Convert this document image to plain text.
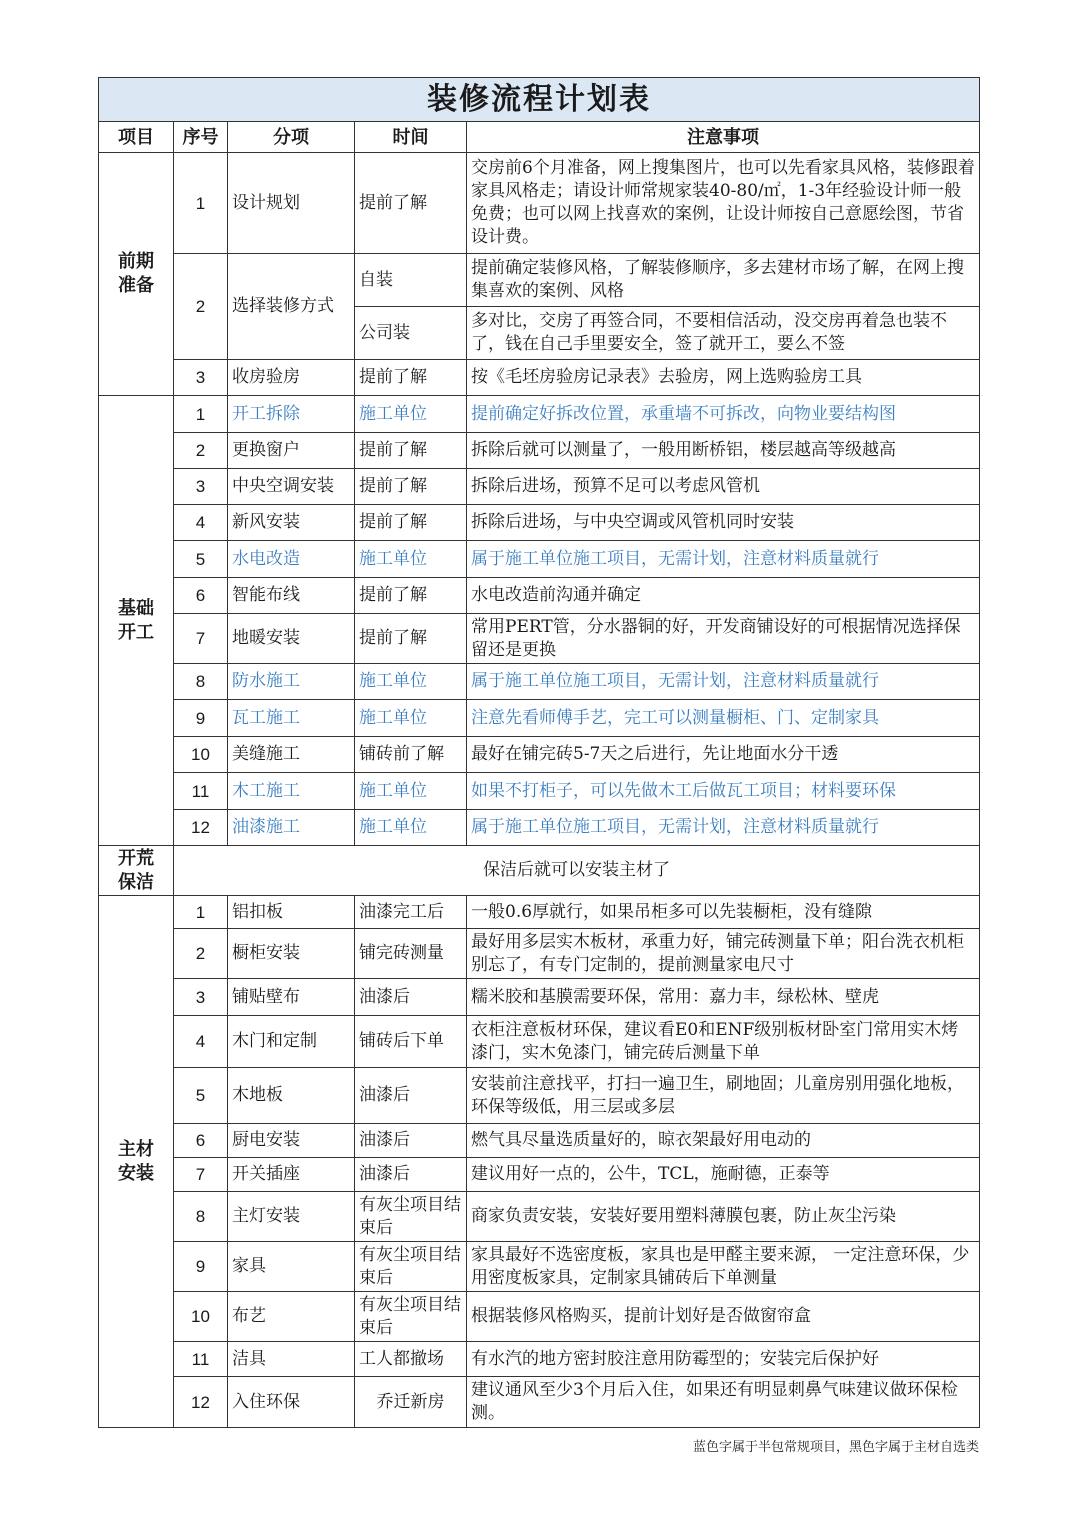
装修流程计划表				
项目	序号	分项	时间	注意事项
前期准备	1	设计规划	提前了解	交房前6个月准备，网上搜集图片，也可以先看家具风格，装修跟着家具风格走；请设计师常规家装40-80/㎡，1-3年经验设计师一般免费；也可以网上找喜欢的案例，让设计师按自己意愿绘图，节省设计费。
	2	选择装修方式	自装	提前确定装修风格，了解装修顺序，多去建材市场了解，在网上搜集喜欢的案例、风格
			公司装	多对比，交房了再签合同，不要相信活动，没交房再着急也装不了，钱在自己手里要安全，签了就开工，要么不签
	3	收房验房	提前了解	按《毛坯房验房记录表》去验房，网上选购验房工具
基础开工	1	开工拆除	施工单位	提前确定好拆改位置，承重墙不可拆改，向物业要结构图
	2	更换窗户	提前了解	拆除后就可以测量了，一般用断桥铝，楼层越高等级越高
	3	中央空调安装	提前了解	拆除后进场，预算不足可以考虑风管机
	4	新风安装	提前了解	拆除后进场，与中央空调或风管机同时安装
	5	水电改造	施工单位	属于施工单位施工项目，无需计划，注意材料质量就行
	6	智能布线	提前了解	水电改造前沟通并确定
	7	地暖安装	提前了解	常用PERT管，分水器铜的好，开发商铺设好的可根据情况选择保留还是更换
	8	防水施工	施工单位	属于施工单位施工项目，无需计划，注意材料质量就行
	9	瓦工施工	施工单位	注意先看师傅手艺，完工可以测量橱柜、门、定制家具
	10	美缝施工	铺砖前了解	最好在铺完砖5-7天之后进行，先让地面水分干透
	11	木工施工	施工单位	如果不打柜子，可以先做木工后做瓦工项目；材料要环保
	12	油漆施工	施工单位	属于施工单位施工项目，无需计划，注意材料质量就行
开荒保洁	保洁后就可以安装主材了			
主材安装	1	铝扣板	油漆完工后	一般0.6厚就行，如果吊柜多可以先装橱柜，没有缝隙
	2	橱柜安装	铺完砖测量	最好用多层实木板材，承重力好，铺完砖测量下单；阳台洗衣机柜别忘了，有专门定制的，提前测量家电尺寸
	3	铺贴壁布	油漆后	糯米胶和基膜需要环保，常用：嘉力丰，绿松林、壁虎
	4	木门和定制	铺砖后下单	衣柜注意板材环保，建议看E0和ENF级别板材卧室门常用实木烤漆门，实木免漆门，铺完砖后测量下单
	5	木地板	油漆后	安装前注意找平，打扫一遍卫生，刷地固；儿童房别用强化地板，环保等级低，用三层或多层
	6	厨电安装	油漆后	燃气具尽量选质量好的，晾衣架最好用电动的
	7	开关插座	油漆后	建议用好一点的，公牛，TCL，施耐德，正泰等
	8	主灯安装	有灰尘项目结束后	商家负责安装，安装好要用塑料薄膜包裹，防止灰尘污染
	9	家具	有灰尘项目结束后	家具最好不选密度板，家具也是甲醛主要来源， 一定注意环保，少用密度板家具，定制家具铺砖后下单测量
	10	布艺	有灰尘项目结束后	根据装修风格购买，提前计划好是否做窗帘盒
	11	洁具	工人都撤场	有水汽的地方密封胶注意用防霉型的；安装完后保护好
	12	入住环保	乔迁新房	建议通风至少3个月后入住，如果还有明显刺鼻气味建议做环保检测。
蓝色字属于半包常规项目，黑色字属于主材自选类
